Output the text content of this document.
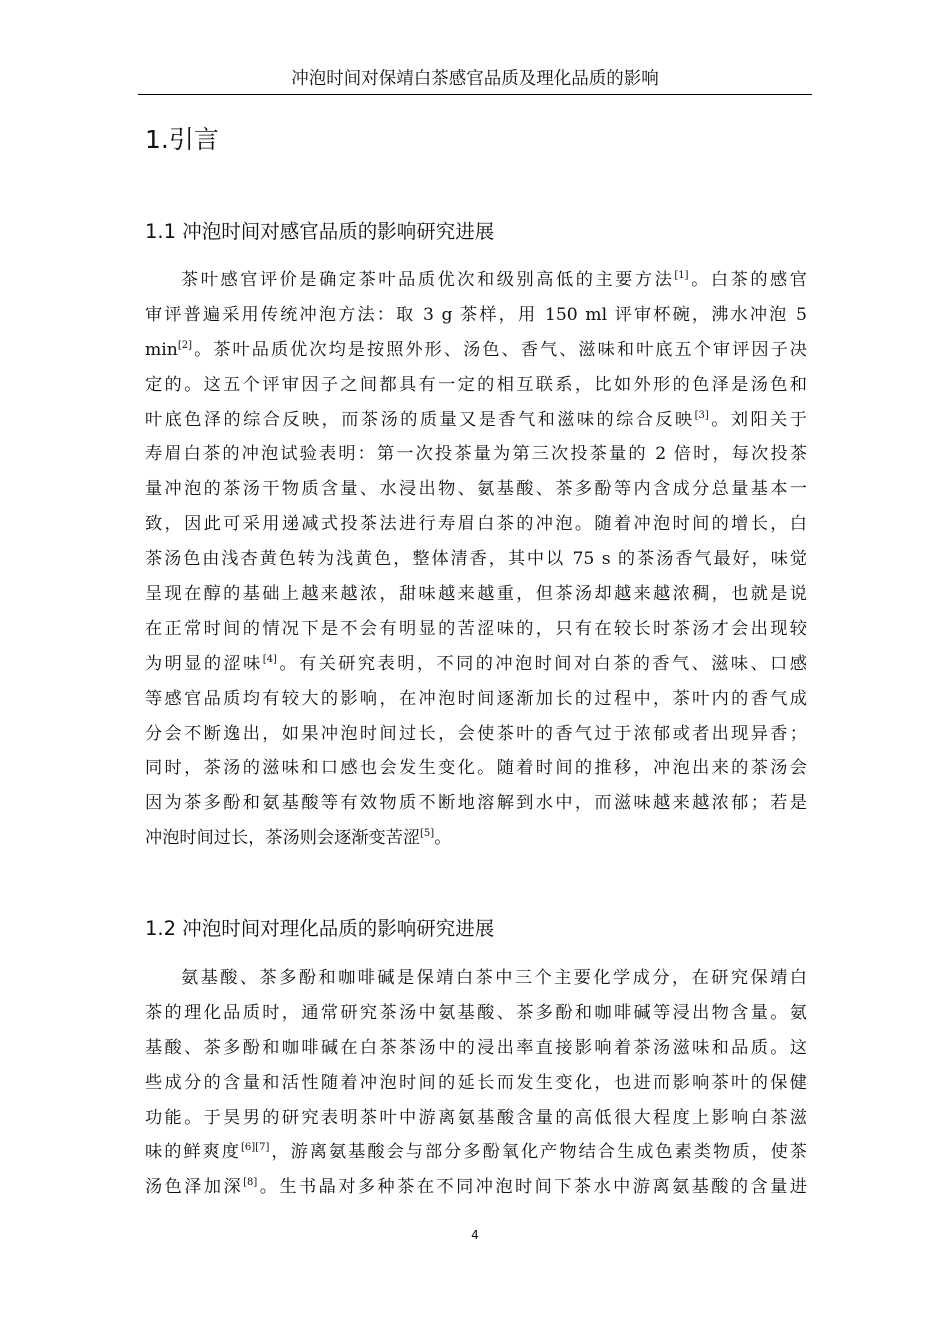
冲泡时间对保靖白茶感官品质及理化品质的影响
1.引言
1.1 冲泡时间对感官品质的影响研究进展
茶叶感官评价是确定茶叶品质优次和级别高低的主要方法[1]。白茶的感官
审评普遍采用传统冲泡方法：取 3 g 茶样，用 150 ml 评审杯碗，沸水冲泡 5
min[2]。茶叶品质优次均是按照外形、汤色、香气、滋味和叶底五个审评因子决
定的。这五个评审因子之间都具有一定的相互联系，比如外形的色泽是汤色和
叶底色泽的综合反映，而茶汤的质量又是香气和滋味的综合反映[3]。刘阳关于
寿眉白茶的冲泡试验表明：第一次投茶量为第三次投茶量的 2 倍时，每次投茶
量冲泡的茶汤干物质含量、水浸出物、氨基酸、茶多酚等内含成分总量基本一
致，因此可采用递减式投茶法进行寿眉白茶的冲泡。随着冲泡时间的增长，白
茶汤色由浅杏黄色转为浅黄色，整体清香，其中以 75 s 的茶汤香气最好，味觉
呈现在醇的基础上越来越浓，甜味越来越重，但茶汤却越来越浓稠，也就是说
在正常时间的情况下是不会有明显的苦涩味的，只有在较长时茶汤才会出现较
为明显的涩味[4]。有关研究表明，不同的冲泡时间对白茶的香气、滋味、口感
等感官品质均有较大的影响，在冲泡时间逐渐加长的过程中，茶叶内的香气成
分会不断逸出，如果冲泡时间过长，会使茶叶的香气过于浓郁或者出现异香；
同时，茶汤的滋味和口感也会发生变化。随着时间的推移，冲泡出来的茶汤会
因为茶多酚和氨基酸等有效物质不断地溶解到水中，而滋味越来越浓郁；若是
冲泡时间过长，茶汤则会逐渐变苦涩[5]。
1.2 冲泡时间对理化品质的影响研究进展
氨基酸、茶多酚和咖啡碱是保靖白茶中三个主要化学成分，在研究保靖白
茶的理化品质时，通常研究茶汤中氨基酸、茶多酚和咖啡碱等浸出物含量。氨
基酸、茶多酚和咖啡碱在白茶茶汤中的浸出率直接影响着茶汤滋味和品质。这
些成分的含量和活性随着冲泡时间的延长而发生变化，也进而影响茶叶的保健
功能。于昊男的研究表明茶叶中游离氨基酸含量的高低很大程度上影响白茶滋
味的鲜爽度[6][7]，游离氨基酸会与部分多酚氧化产物结合生成色素类物质，使茶
汤色泽加深[8]。生书晶对多种茶在不同冲泡时间下茶水中游离氨基酸的含量进
4
